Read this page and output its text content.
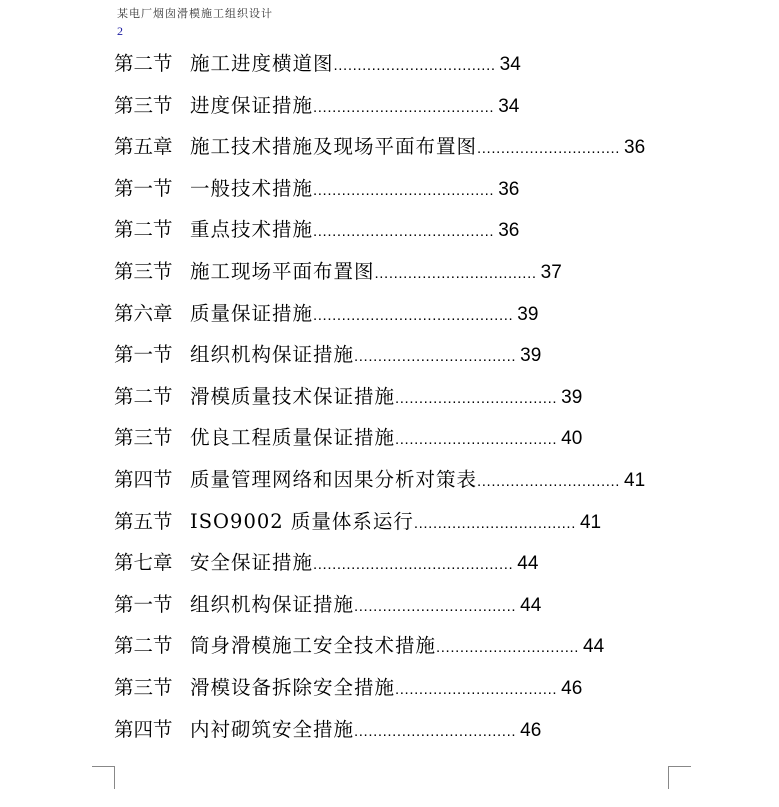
某电厂烟囱滑模施工组织设计
2
第二节 施工进度横道图.................................. 34
第三节 进度保证措施...................................... 34
第五章 施工技术措施及现场平面布置图.............................. 36
第一节 一般技术措施...................................... 36
第二节 重点技术措施...................................... 36
第三节 施工现场平面布置图.................................. 37
第六章 质量保证措施.......................................... 39
第一节 组织机构保证措施.................................. 39
第二节 滑模质量技术保证措施.................................. 39
第三节 优良工程质量保证措施.................................. 40
第四节 质量管理网络和因果分析对策表.............................. 41
第五节 ISO9002 质量体系运行.................................. 41
第七章 安全保证措施.......................................... 44
第一节 组织机构保证措施.................................. 44
第二节 筒身滑模施工安全技术措施.............................. 44
第三节 滑模设备拆除安全措施.................................. 46
第四节 内衬砌筑安全措施.................................. 46
